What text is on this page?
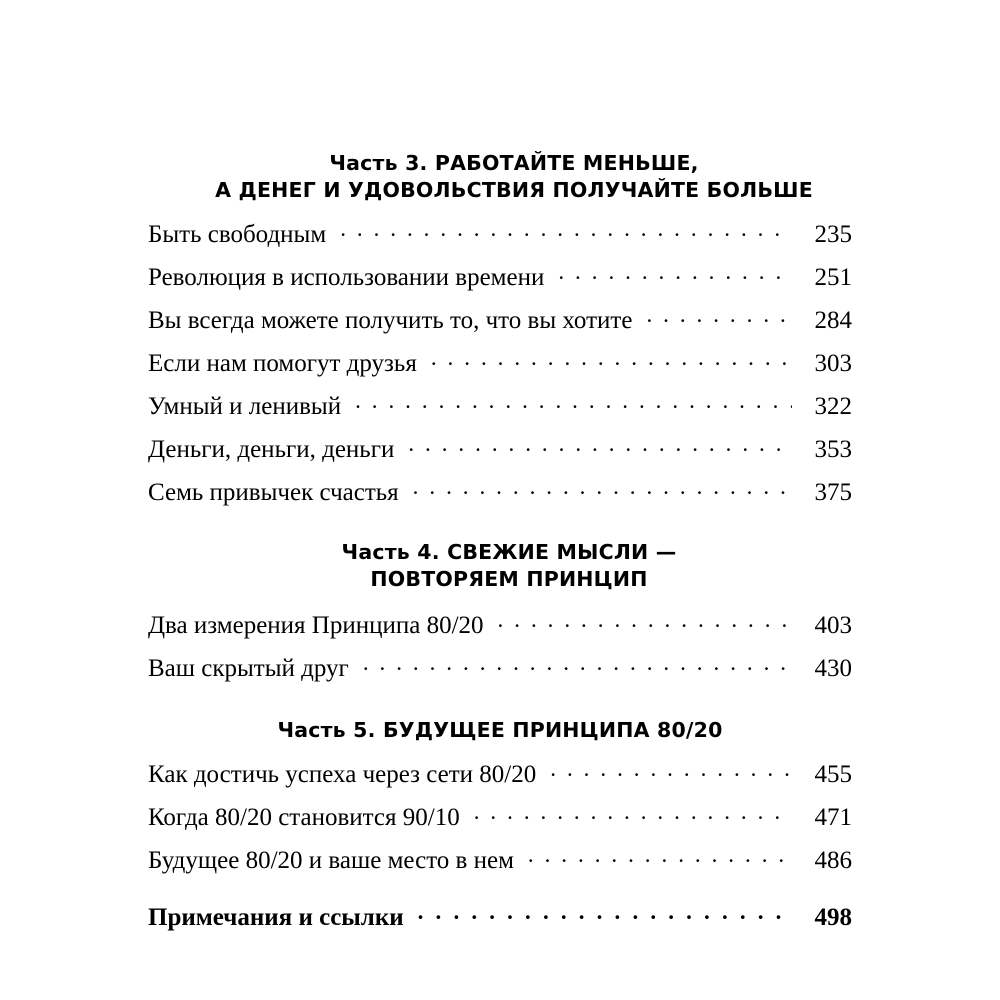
Часть 3. РАБОТАЙТЕ МЕНЬШЕ,
А ДЕНЕГ И УДОВОЛЬСТВИЯ ПОЛУЧАЙТЕ БОЛЬШЕ
Быть свободным . . .	235
Революция в использовании времени . . .	251
Вы всегда можете получить то, что вы хотите . . .	284
Если нам помогут друзья . . .	303
Умный и ленивый . . .	322
Деньги, деньги, деньги . . .	353
Семь привычек счастья . . .	375
Часть 4. СВЕЖИЕ МЫСЛИ —
ПОВТОРЯЕМ ПРИНЦИП
Два измерения Принципа 80/20 . . .	403
Ваш скрытый друг . . .	430
Часть 5. БУДУЩЕЕ ПРИНЦИПА 80/20
Как достичь успеха через сети 80/20 . . .	455
Когда 80/20 становится 90/10 . . .	471
Будущее 80/20 и ваше место в нем . . .	486
Примечания и ссылки . . .	498
